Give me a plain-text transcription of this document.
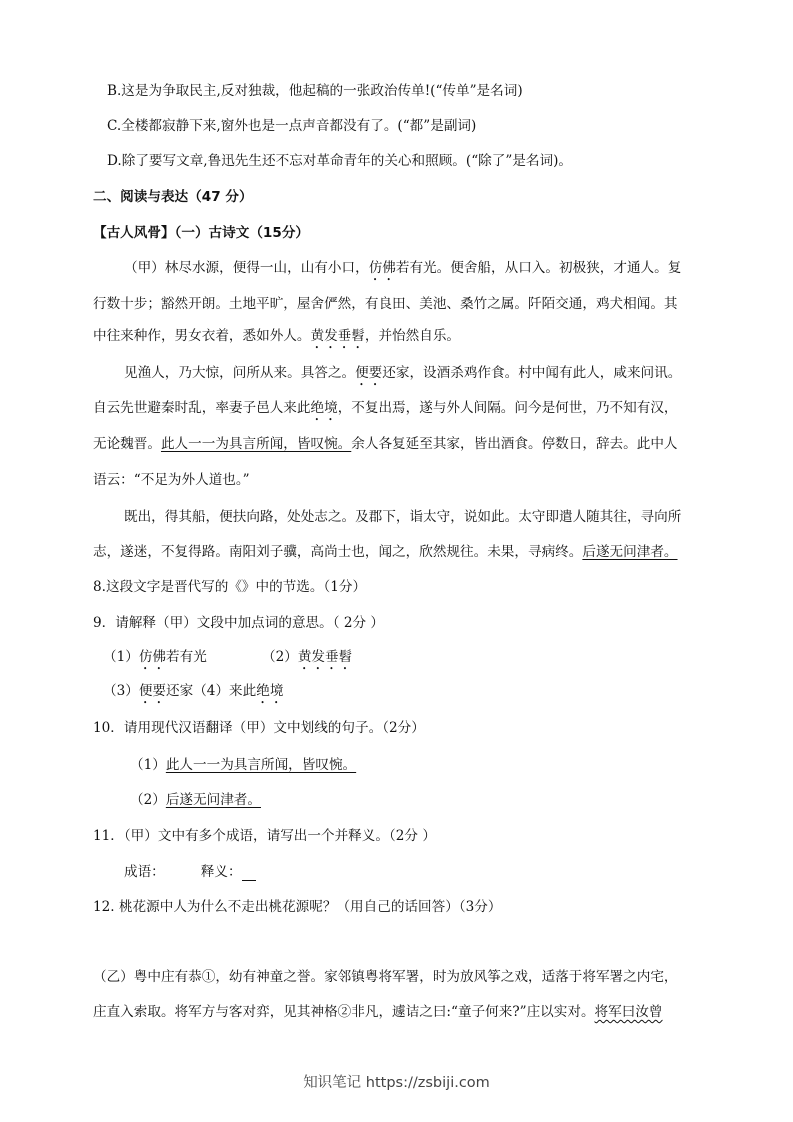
B.这是为争取民主,反对独裁，他起稿的一张政治传单!(“传单”是名词)
C.全楼都寂静下来,窗外也是一点声音都没有了。(“都”是副词)
D.除了要写文章,鲁迅先生还不忘对革命青年的关心和照顾。(“除了”是名词)。
二、阅读与表达（47 分）
【古人风骨】（一）古诗文（15分）
（甲）林尽水源，便得一山，山有小口，仿佛若有光。便舍船，从口入。初极狭，才通人。复
行数十步；豁然开朗。土地平旷，屋舍俨然，有良田、美池、桑竹之属。阡陌交通，鸡犬相闻。其
中往来种作，男女衣着，悉如外人。黄发垂髫，并怡然自乐。
见渔人，乃大惊，问所从来。具答之。便要还家，设酒杀鸡作食。村中闻有此人，咸来问讯。
自云先世避秦时乱，率妻子邑人来此绝境，不复出焉，遂与外人间隔。问今是何世，乃不知有汉，
无论魏晋。此人一一为具言所闻，皆叹惋。余人各复延至其家，皆出酒食。停数日，辞去。此中人
语云：“不足为外人道也。”
既出，得其船，便扶向路，处处志之。及郡下，诣太守，说如此。太守即遣人随其往，寻向所
志，遂迷，不复得路。南阳刘子骥，高尚士也，闻之，欣然规往。未果，寻病终。后遂无问津者。
8.这段文字是晋代写的《》中的节选。（1分）
9．请解释（甲）文段中加点词的意思。（ 2分 ）
（1）仿佛若有光	（2）黄发垂髫
（3）便要还家（4）来此绝境
10．请用现代汉语翻译（甲）文中划线的句子。（2分）
（1）此人一一为具言所闻，皆叹惋。
（2）后遂无问津者。
11．（甲）文中有多个成语，请写出一个并释义。（2分 ）
成语：	释义：
12. 桃花源中人为什么不走出桃花源呢？（用自己的话回答）（3分）
（乙）粤中庄有恭①，幼有神童之誉。家邻镇粤将军署，时为放风筝之戏，适落于将军署之内宅，
庄直入索取。将军方与客对弈，见其神格②非凡，遽诘之曰:“童子何来?”庄以实对。将军曰汝曾
知识笔记 https://zsbiji.com
